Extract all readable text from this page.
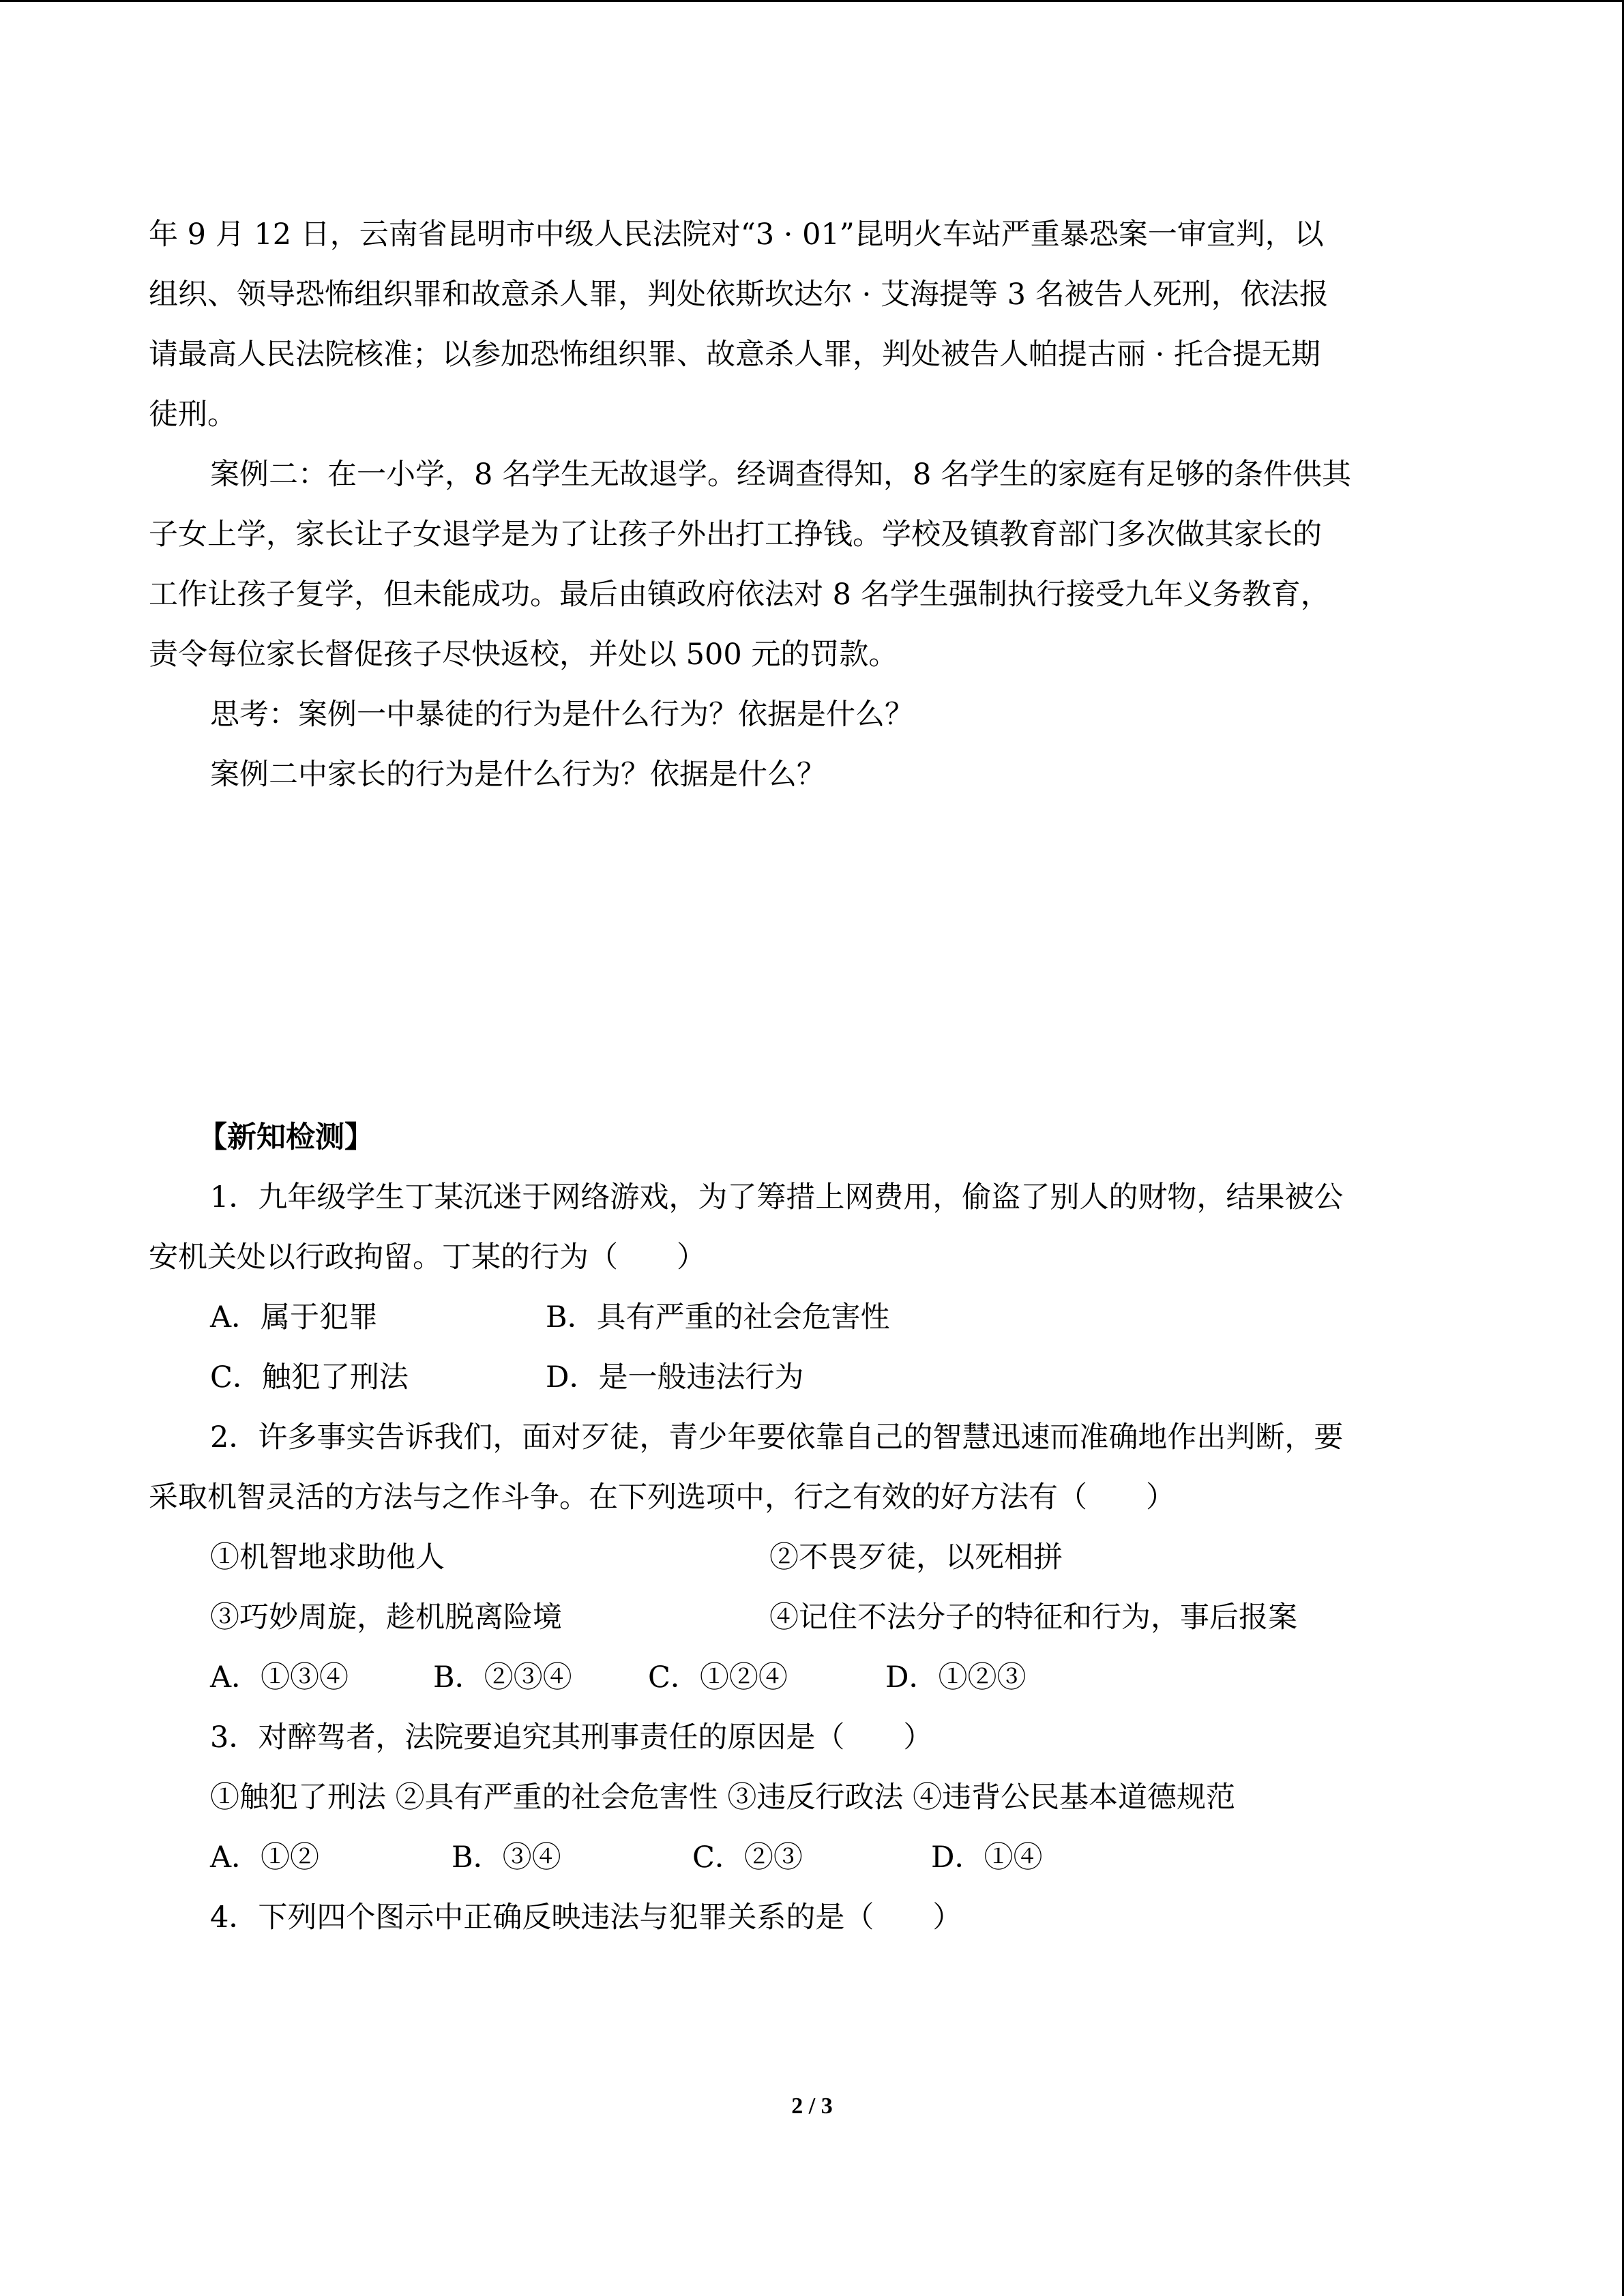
年 9 月 12 日，云南省昆明市中级人民法院对“3 · 01”昆明火车站严重暴恐案一审宣判，以
组织、领导恐怖组织罪和故意杀人罪，判处依斯坎达尔 · 艾海提等 3 名被告人死刑，依法报
请最高人民法院核准；以参加恐怖组织罪、故意杀人罪，判处被告人帕提古丽 · 托合提无期
徒刑。
案例二：在一小学，8 名学生无故退学。经调查得知，8 名学生的家庭有足够的条件供其
子女上学，家长让子女退学是为了让孩子外出打工挣钱。学校及镇教育部门多次做其家长的
工作让孩子复学，但未能成功。最后由镇政府依法对 8 名学生强制执行接受九年义务教育，
责令每位家长督促孩子尽快返校，并处以 500 元的罚款。
思考：案例一中暴徒的行为是什么行为？依据是什么？
案例二中家长的行为是什么行为？依据是什么？
【新知检测】
1．九年级学生丁某沉迷于网络游戏，为了筹措上网费用，偷盗了别人的财物，结果被公
安机关处以行政拘留。丁某的行为（　　）
A．属于犯罪	B．具有严重的社会危害性
C．触犯了刑法	D．是一般违法行为
2．许多事实告诉我们，面对歹徒，青少年要依靠自己的智慧迅速而准确地作出判断，要
采取机智灵活的方法与之作斗争。在下列选项中，行之有效的好方法有（　　）
①机智地求助他人	②不畏歹徒，以死相拼
③巧妙周旋，趁机脱离险境	④记住不法分子的特征和行为，事后报案
A．①③④	B．②③④	C．①②④	D．①②③
3．对醉驾者，法院要追究其刑事责任的原因是（　　）
①触犯了刑法 ②具有严重的社会危害性 ③违反行政法 ④违背公民基本道德规范
A．①②	B．③④	C．②③	D．①④
4．下列四个图示中正确反映违法与犯罪关系的是（　　）
2 / 3
